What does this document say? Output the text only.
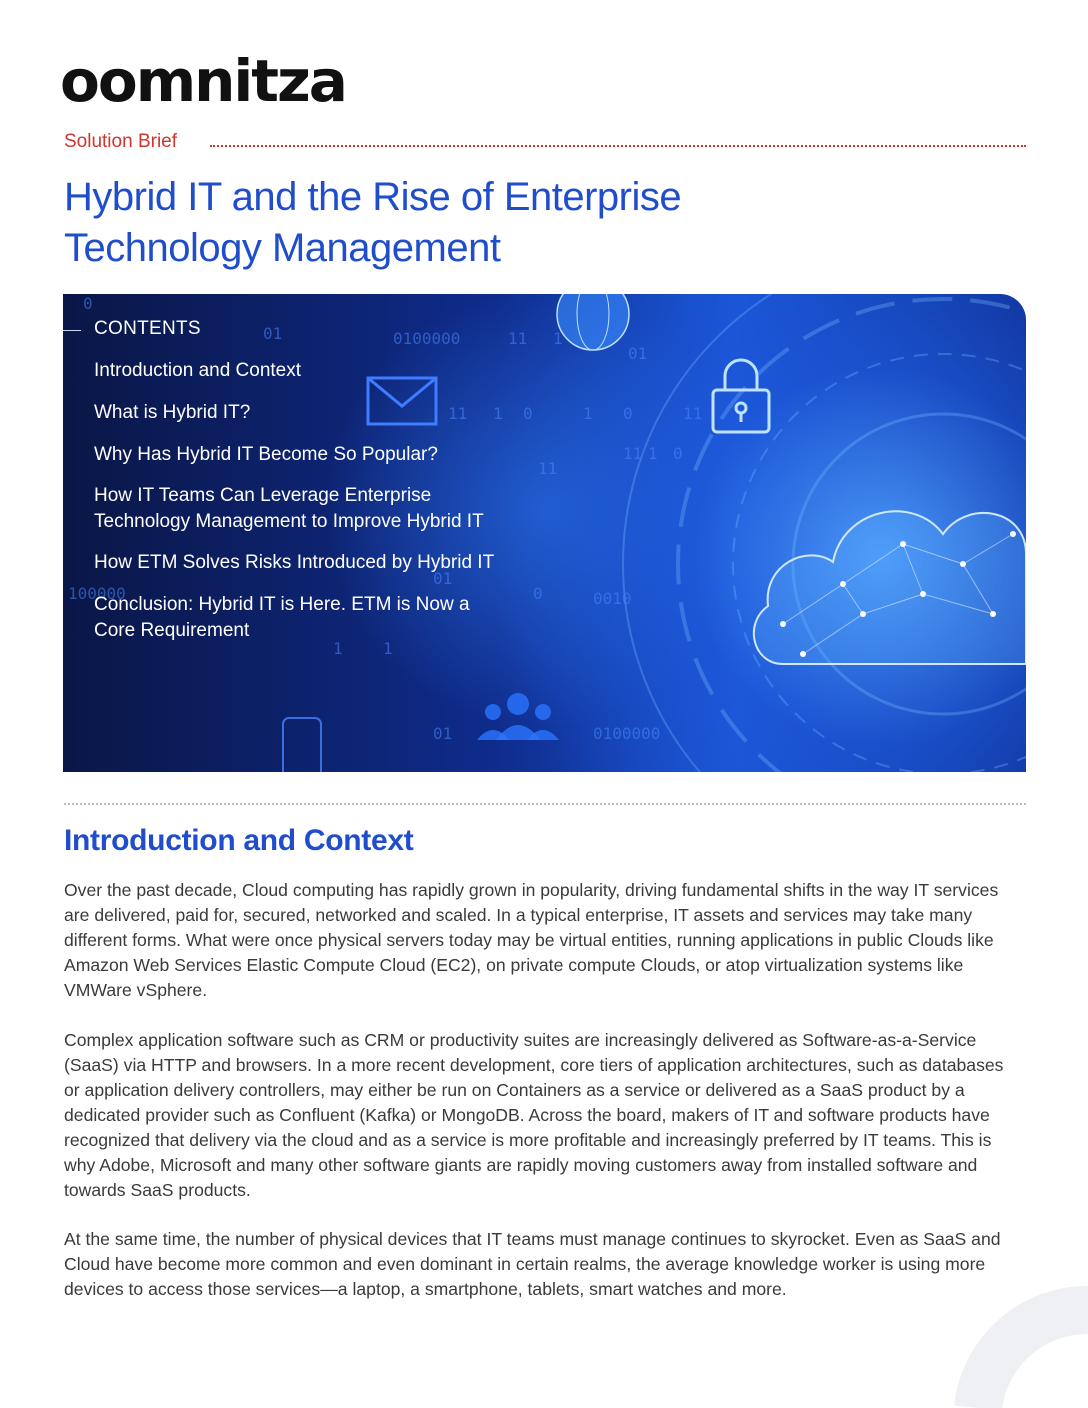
oomnitza
Solution Brief
Hybrid IT and the Rise of Enterprise
Technology Management
0100000	11 1
11 1 0	1 0	11
11
11 1 0
01
0010
0
100000
1	1
01	0100000
0
01
01
CONTENTS
Introduction and Context
What is Hybrid IT?
Why Has Hybrid IT Become So Popular?
How IT Teams Can Leverage Enterprise
Technology Management to Improve Hybrid IT
How ETM Solves Risks Introduced by Hybrid IT
Conclusion: Hybrid IT is Here. ETM is Now a
Core Requirement
Introduction and Context

Over the past decade, Cloud computing has rapidly grown in popularity, driving fundamental shifts in the way IT services are delivered, paid for, secured, networked and scaled. In a typical enterprise, IT assets and services may take many different forms. What were once physical servers today may be virtual entities, running applications in public Clouds like Amazon Web Services Elastic Compute Cloud (EC2), on private compute Clouds, or atop virtualization systems like VMWare vSphere.

Complex application software such as CRM or productivity suites are increasingly delivered as Software-as-a-Service (SaaS) via HTTP and browsers. In a more recent development, core tiers of application architectures, such as databases or application delivery controllers, may either be run on Containers as a service or delivered as a SaaS product by a dedicated provider such as Confluent (Kafka) or MongoDB. Across the board, makers of IT and software products have recognized that delivery via the cloud and as a service is more profitable and increasingly preferred by IT teams. This is why Adobe, Microsoft and many other software giants are rapidly moving customers away from installed software and towards SaaS products.

At the same time, the number of physical devices that IT teams must manage continues to skyrocket. Even as SaaS and Cloud have become more common and even dominant in certain realms, the average knowledge worker is using more devices to access those services—a laptop, a smartphone, tablets, smart watches and more.
